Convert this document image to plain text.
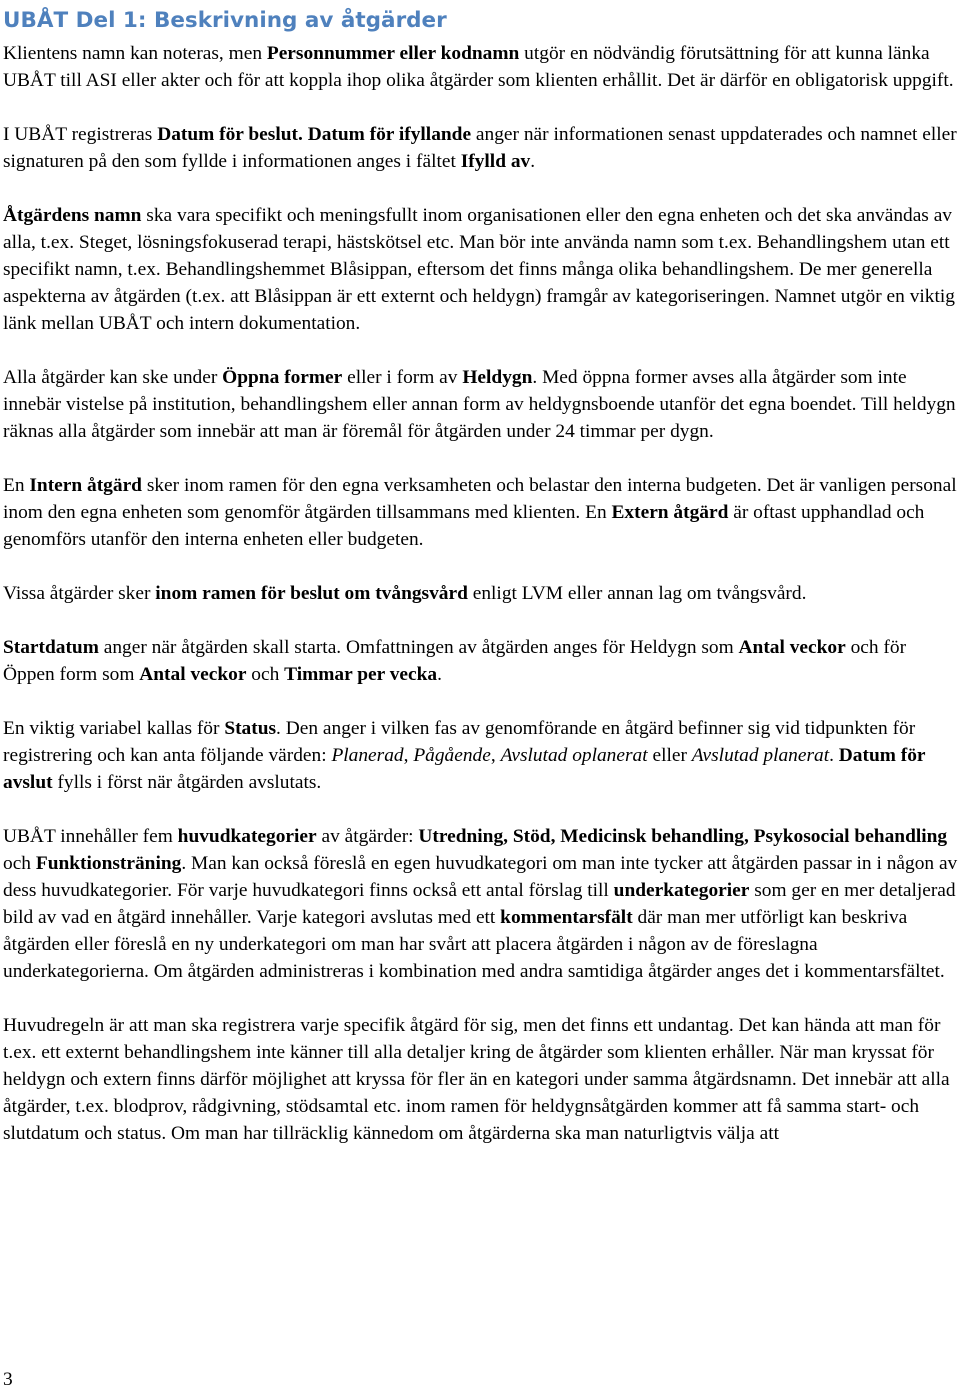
UBÅT Del 1: Beskrivning av åtgärder

Klientens namn kan noteras, men Personnummer eller kodnamn utgör en nödvändig förutsättning för att kunna länka UBÅT till ASI eller akter och för att koppla ihop olika åtgärder som klienten erhållit. Det är därför en obligatorisk uppgift.

I UBÅT registreras Datum för beslut. Datum för ifyllande anger när informationen senast uppdaterades och namnet eller signaturen på den som fyllde i informationen anges i fältet Ifylld av.

Åtgärdens namn ska vara specifikt och meningsfullt inom organisationen eller den egna enheten och det ska användas av alla, t.ex. Steget, lösningsfokuserad terapi, hästskötsel etc. Man bör inte använda namn som t.ex. Behandlingshem utan ett specifikt namn, t.ex. Behandlingshemmet Blåsippan, eftersom det finns många olika behandlingshem. De mer generella aspekterna av åtgärden (t.ex. att Blåsippan är ett externt och heldygn) framgår av kategoriseringen. Namnet utgör en viktig länk mellan UBÅT och intern dokumentation.

Alla åtgärder kan ske under Öppna former eller i form av Heldygn. Med öppna former avses alla åtgärder som inte innebär vistelse på institution, behandlingshem eller annan form av heldygnsboende utanför det egna boendet. Till heldygn räknas alla åtgärder som innebär att man är föremål för åtgärden under 24 timmar per dygn.

En Intern åtgärd sker inom ramen för den egna verksamheten och belastar den interna budgeten. Det är vanligen personal inom den egna enheten som genomför åtgärden tillsammans med klienten. En Extern åtgärd är oftast upphandlad och genomförs utanför den interna enheten eller budgeten.

Vissa åtgärder sker inom ramen för beslut om tvångsvård enligt LVM eller annan lag om tvångsvård.

Startdatum anger när åtgärden skall starta. Omfattningen av åtgärden anges för Heldygn som Antal veckor och för Öppen form som Antal veckor och Timmar per vecka.

En viktig variabel kallas för Status. Den anger i vilken fas av genomförande en åtgärd befinner sig vid tidpunkten för registrering och kan anta följande värden: Planerad, Pågående, Avslutad oplanerat eller Avslutad planerat. Datum för avslut fylls i först när åtgärden avslutats.

UBÅT innehåller fem huvudkategorier av åtgärder: Utredning, Stöd, Medicinsk behandling, Psykosocial behandling och Funktionsträning. Man kan också föreslå en egen huvudkategori om man inte tycker att åtgärden passar in i någon av dess huvudkategorier. För varje huvudkategori finns också ett antal förslag till underkategorier som ger en mer detaljerad bild av vad en åtgärd innehåller. Varje kategori avslutas med ett kommentarsfält där man mer utförligt kan beskriva åtgärden eller föreslå en ny underkategori om man har svårt att placera åtgärden i någon av de föreslagna underkategorierna. Om åtgärden administreras i kombination med andra samtidiga åtgärder anges det i kommentarsfältet.

Huvudregeln är att man ska registrera varje specifik åtgärd för sig, men det finns ett undantag. Det kan hända att man för t.ex. ett externt behandlingshem inte känner till alla detaljer kring de åtgärder som klienten erhåller. När man kryssat för heldygn och extern finns därför möjlighet att kryssa för fler än en kategori under samma åtgärdsnamn. Det innebär att alla åtgärder, t.ex. blodprov, rådgivning, stödsamtal etc. inom ramen för heldygnsåtgärden kommer att få samma start- och slutdatum och status. Om man har tillräcklig kännedom om åtgärderna ska man naturligtvis välja att

3
